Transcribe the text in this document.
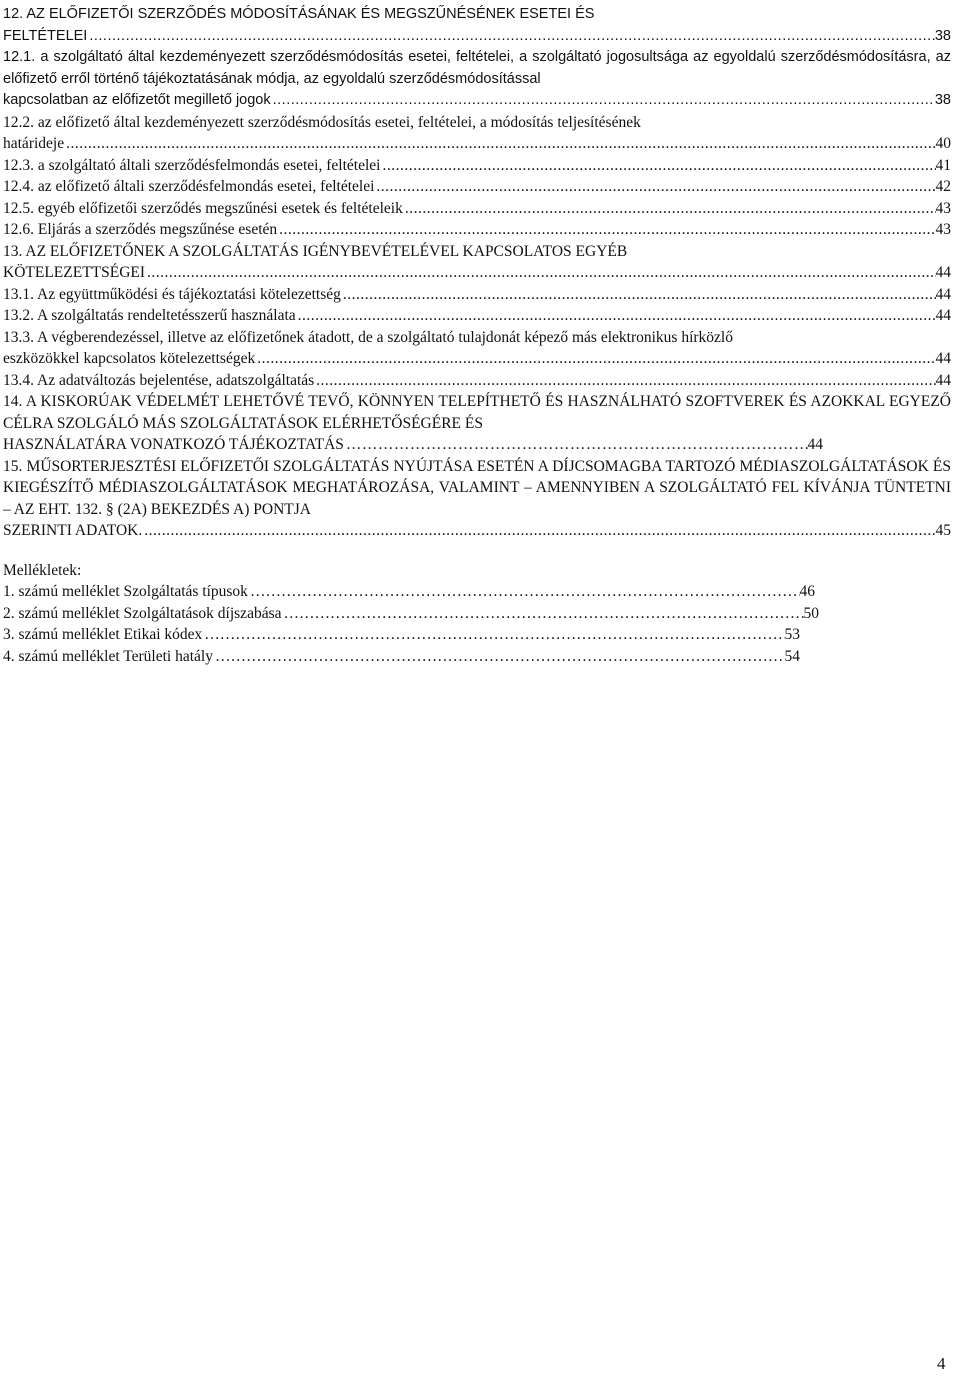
12. AZ ELŐFIZETŐI SZERZŐDÉS MÓDOSÍTÁSÁNAK ÉS MEGSZŰNÉSÉNEK ESETEI ÉS
FELTÉTELEI .....	38
12.1. a szolgáltató által kezdeményezett szerződésmódosítás esetei, feltételei, a szolgáltató jogosultsága az egyoldalú szerződésmódosításra, az előfizető erről történő tájékoztatásának módja, az egyoldalú szerződésmódosítással
kapcsolatban az előfizetőt megillető jogok .....	38
12.2. az előfizető által kezdeményezett szerződésmódosítás esetei, feltételei, a módosítás teljesítésének
határideje .....	40
12.3. a szolgáltató általi szerződésfelmondás esetei, feltételei .....	41
12.4. az előfizető általi szerződésfelmondás esetei, feltételei .....	42
12.5. egyéb előfizetői szerződés megszűnési esetek és feltételeik .....	43
12.6. Eljárás a szerződés megszűnése esetén .....	43
13. AZ ELŐFIZETŐNEK A SZOLGÁLTATÁS IGÉNYBEVÉTELÉVEL KAPCSOLATOS EGYÉB
KÖTELEZETTSÉGEI .....	44
13.1. Az együttműködési és tájékoztatási kötelezettség .....	44
13.2. A szolgáltatás rendeltetésszerű használata .....	44
13.3. A végberendezéssel, illetve az előfizetőnek átadott, de a szolgáltató tulajdonát képező más elektronikus hírközlő
eszközökkel kapcsolatos kötelezettségek .....	44
13.4. Az adatváltozás bejelentése, adatszolgáltatás .....	44
14. A KISKORÚAK VÉDELMÉT LEHETŐVÉ TEVŐ, KÖNNYEN TELEPÍTHETŐ ÉS HASZNÁLHATÓ SZOFTVEREK ÉS AZOKKAL EGYEZŐ CÉLRA SZOLGÁLÓ MÁS SZOLGÁLTATÁSOK ELÉRHETŐSÉGÉRE ÉS
HASZNÁLATÁRA VONATKOZÓ TÁJÉKOZTATÁS …………………………………………………………………………………………………………	44
15. MŰSORTERJESZTÉSI ELŐFIZETŐI SZOLGÁLTATÁS NYÚJTÁSA ESETÉN A DÍJCSOMAGBA TARTOZÓ MÉDIASZOLGÁLTATÁSOK ÉS KIEGÉSZÍTŐ MÉDIASZOLGÁLTATÁSOK MEGHATÁROZÁSA, VALAMINT – AMENNYIBEN A SZOLGÁLTATÓ FEL KÍVÁNJA TÜNTETNI – AZ EHT. 132. § (2A) BEKEZDÉS A) PONTJA
SZERINTI ADATOK. .....	45
Mellékletek:
1. számú melléklet Szolgáltatás típusok …………………………………………………………………………………………………………………………………………………………………………………………	46
2. számú melléklet Szolgáltatások díjszabása …………………………………………………………………………………………………………………………………………………………………………………………	50
3. számú melléklet Etikai kódex …………………………………………………………………………………………………………………………………………………………………………………………	53
4. számú melléklet Területi hatály …………………………………………………………………………………………………………………………………………………………………………………………	54
4
